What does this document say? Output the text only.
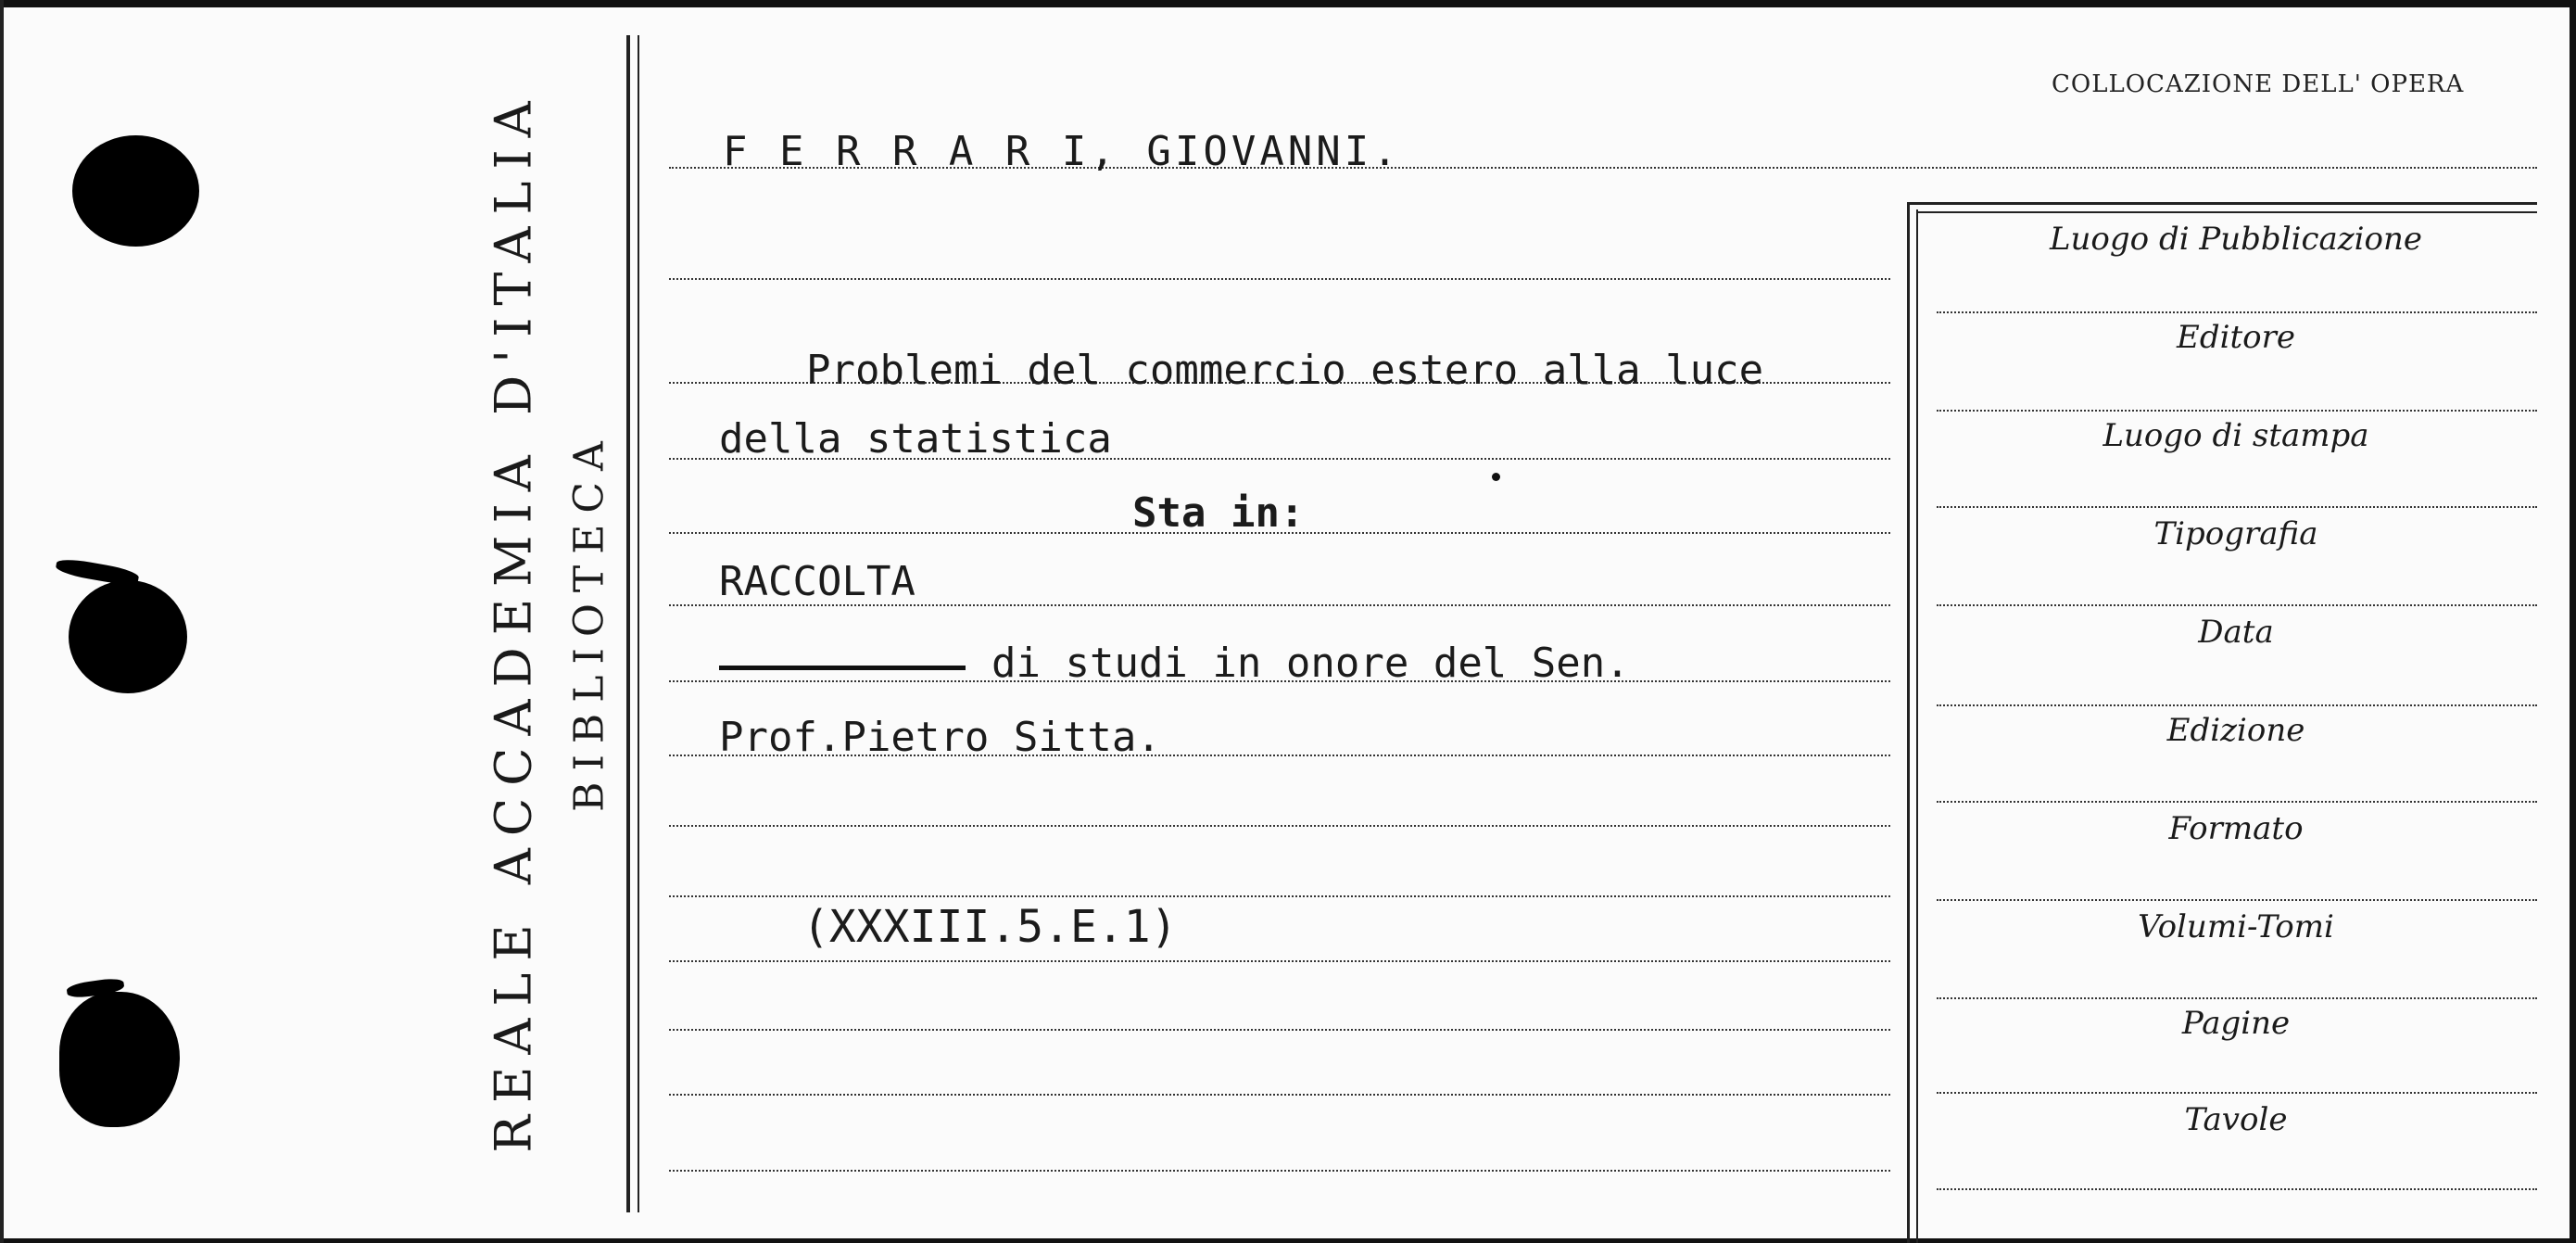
REALE ACCADEMIA D'ITALIA BIBLIOTECA
COLLOCAZIONE DELL' OPERA
F E R R A R I, GIOVANNI.
Problemi del commercio estero alla luce
della statistica
Sta in:
RACCOLTA
di studi in onore del Sen.
Prof.Pietro Sitta.
(XXXIII.5.E.1)
Luogo di Pubblicazione
Editore
Luogo di stampa
Tipografia
Data
Edizione
Formato
Volumi-Tomi
Pagine
Tavole
